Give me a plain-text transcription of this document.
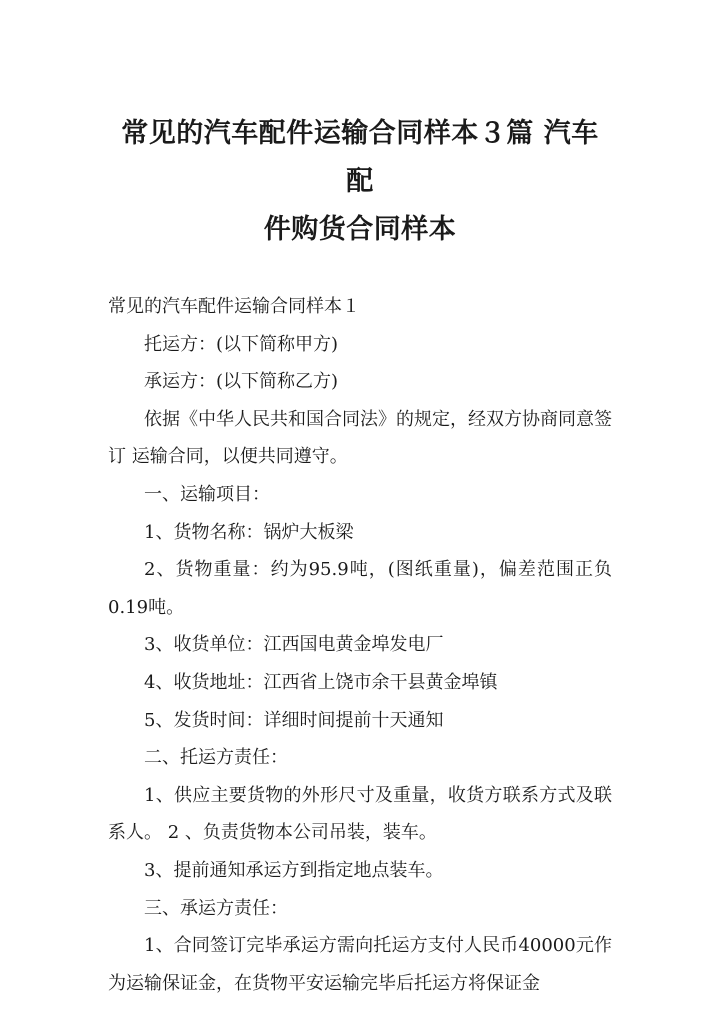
常见的汽车配件运输合同样本３篇 汽车配
件购货合同样本

常见的汽车配件运输合同样本１

托运方：(以下简称甲方)

承运方：(以下简称乙方)

依据《中华人民共和国合同法》的规定，经双方协商同意签订 运输合同，以便共同遵守。

一、运输项目：

1、货物名称：锅炉大板梁

2、货物重量：约为95.9吨，(图纸重量)，偏差范围正负0.19吨。

3、收货单位：江西国电黄金埠发电厂

4、收货地址：江西省上饶市余干县黄金埠镇

5、发货时间：详细时间提前十天通知

二、托运方责任：

1、供应主要货物的外形尺寸及重量，收货方联系方式及联系人。 2 、负责货物本公司吊装，装车。

3、提前通知承运方到指定地点装车。

三、承运方责任：

1、合同签订完毕承运方需向托运方支付人民币40000元作为运输保证金，在货物平安运输完毕后托运方将保证金
